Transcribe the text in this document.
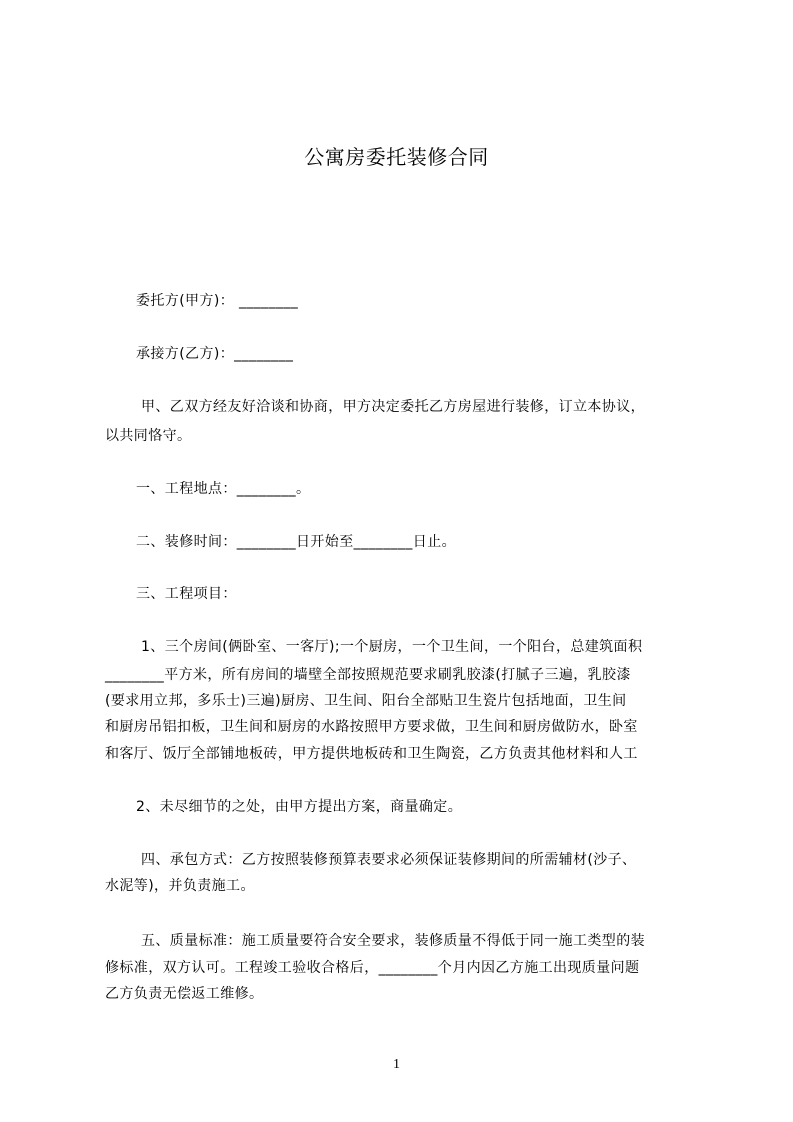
公寓房委托装修合同
委托方(甲方)： ________
承接方(乙方)：________
甲、乙双方经友好洽谈和协商，甲方决定委托乙方房屋进行装修，订立本协议，
以共同恪守。
一、工程地点：________。
二、装修时间：________日开始至________日止。
三、工程项目：
1、三个房间(俩卧室、一客厅);一个厨房，一个卫生间，一个阳台，总建筑面积
________平方米，所有房间的墙壁全部按照规范要求刷乳胶漆(打腻子三遍，乳胶漆
(要求用立邦，多乐士)三遍)厨房、卫生间、阳台全部贴卫生瓷片包括地面，卫生间
和厨房吊铝扣板，卫生间和厨房的水路按照甲方要求做，卫生间和厨房做防水，卧室
和客厅、饭厅全部铺地板砖，甲方提供地板砖和卫生陶瓷，乙方负责其他材料和人工
2、未尽细节的之处，由甲方提出方案，商量确定。
四、承包方式：乙方按照装修预算表要求必须保证装修期间的所需辅材(沙子、
水泥等)，并负责施工。
五、质量标准：施工质量要符合安全要求，装修质量不得低于同一施工类型的装
修标准，双方认可。工程竣工验收合格后，________个月内因乙方施工出现质量问题
乙方负责无偿返工维修。
1
